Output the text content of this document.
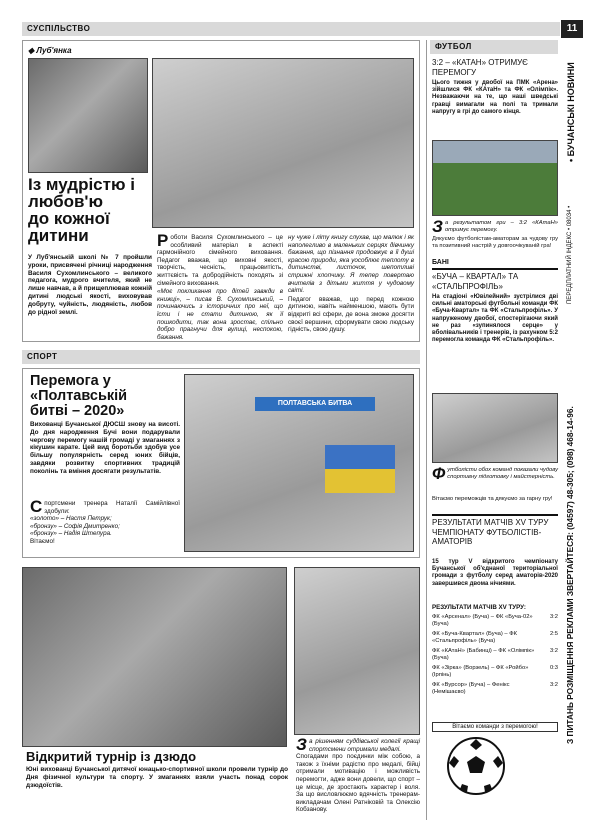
СУСПІЛЬСТВО	11
• БУЧАНСЬКІ НОВИНИ
ПЕРЕДПЛАТНИЙ ІНДЕКС • 08034 •
З ПИТАНЬ РОЗМІЩЕННЯ РЕКЛАМИ ЗВЕРТАЙТЕСЯ: (04597) 48-305; (098) 468-14-96.
◆ Луб'янка
Із мудрістю і
любов'ю
до кожної
дитини
У Луб'янській школі № 7 пройшли уроки, присвячені річниці народження Василя Сухомлинського – великого педагога, мудрого вчителя, який не лише навчав, а й прищеплював кожній дитині людські якості, виховував добруту, чуйність, людяність, любов до рідної землі.
Роботи Василя Сухомлинського – це особливий матеріал в аспекті гармонійного сімейного виховання. Педагог вважав, що виховні якості, творчість, чесність, працьовитість, життєвість та добродійність походять зі сімейного виховання.
«Моє покликання про дітей завжди в книжці», – писав В. Сухомлинський, – починаючись з історичних про неї, що їсти і не стати дитиною, як її пошкодити, так вона зростає, спільно добро прагнучи для вулиці, неспокою, бажання.
ну чуже і літу книгу слухав, що малюк і як наполегливо в маленьких серцях дівчинку бажання, що пізнання продовжує в її душі красою природи, яка уособлює теплоту в дитинстві, листочок, шепотливі стрижні хлопчику. Я тепер повертаю вчителів з дітьми життя у чудовому світі.
Педагог вважав, що перед кожною дитиною, навіть найменшою, мають бути відкриті всі сфери, де вона зможе досягти своєї вершини, сформувати свою людську гідність, свою душу.
СПОРТ
Перемога у
«Полтавській
битві – 2020»
Вихованці Бучанської ДЮСШ знову на висоті. До дня народження Бучі вони подарували чергову перемогу нашій громаді у змаганнях з кікушин карате. Цей вид боротьби здобув усе більшу популярність серед юних бійців, завдяки розвитку спортивних традицій поколінь та вміння досягати результатів.
Спортсмени тренера Наталії Самійлівної здобули:
«золото» – Настя Петрук;
«бронзу» – Софія Дмитренко;
«бронзу» – Надія Штепура.
Вітаємо!
ПОЛТАВСЬКА БИТВА
Відкритий турнір із дзюдо
Юні вихованці Бучанської дитячої юнацько-спортивної школи провели турнір до Дня фізичної культури та спорту. У змаганнях взяли участь понад сорок дзюдоїстів.
За рішенням суддівської колегії кращі спортсмени отримали медалі.
Спогадами про поєдинки між собою, а також з їхніми радістю про медалі, бійці отримали мотивацію і можливість перемогти, адже вони довели, що спорт – це місце, де зростають характер і воля. За що висловлюємо вдячність тренерам-викладачам Олені Ратніковій та Олексію Кобзанову.
ФУТБОЛ
3:2 – «КАТАН» ОТРИМУЄ ПЕРЕМОГУ
Цього тижня у двобої на ПМК «Арена» зійшлися ФК «КАтаН» та ФК «Олімпік». Незважаючи на те, що наші шведські гравці вимагали на полі та тримали напругу в грі до самого кінця.
За результатом гри – 3:2 «КАтаН» отримує перемогу.
Дякуємо футболістам-аматорам за чудову гру та позитивний настрій у довгоочікуваній гра!
БАНІ
«БУЧА – КВАРТАЛ» ТА «СТАЛЬПРОФІЛЬ»
На стадіоні «Ювілейний» зустрілися дві сильні аматорські футбольні команди ФК «Буча-Квартал» та ФК «Стальпрофіль». У напруженому двобої, спостерігаючи який не раз «зупинялося серце» у вболівальників і тренерів, із рахунком 5:2 перемогла команда ФК «Стальпрофіль».
Футболісти обох команд показали чудову спортивну підготовку і майстерність.
Вітаємо переможців та дякуємо за гарну гру!
РЕЗУЛЬТАТИ МАТЧІВ XV ТУРУ ЧЕМПІОНАТУ ФУТБОЛІСТІВ-АМАТОРІВ
15 тур V відкритого чемпіонату Бучанської об'єднаної територіальної громади з футболу серед аматорів-2020 завершився двома нічиями.
РЕЗУЛЬТАТИ МАТЧІВ XV ТУРУ:
ФК «Арсенал» (Буча) – ФК «Буча-02» (Буча)
3:2
ФК «Буча-Квартал» (Буча) – ФК «Стальпрофіль» (Буча)
2:5
ФК «КАтаН» (Бабинці) – ФК «Олімпік» (Буча)
3:2
ФК «Зірка» (Ворзель) – ФК «Ройбо» (Ірпінь)
0:3
ФК «Вурсор» (Буча) – Фенікс (Немішаєво)
3:2
Вітаємо команди з перемогою!
